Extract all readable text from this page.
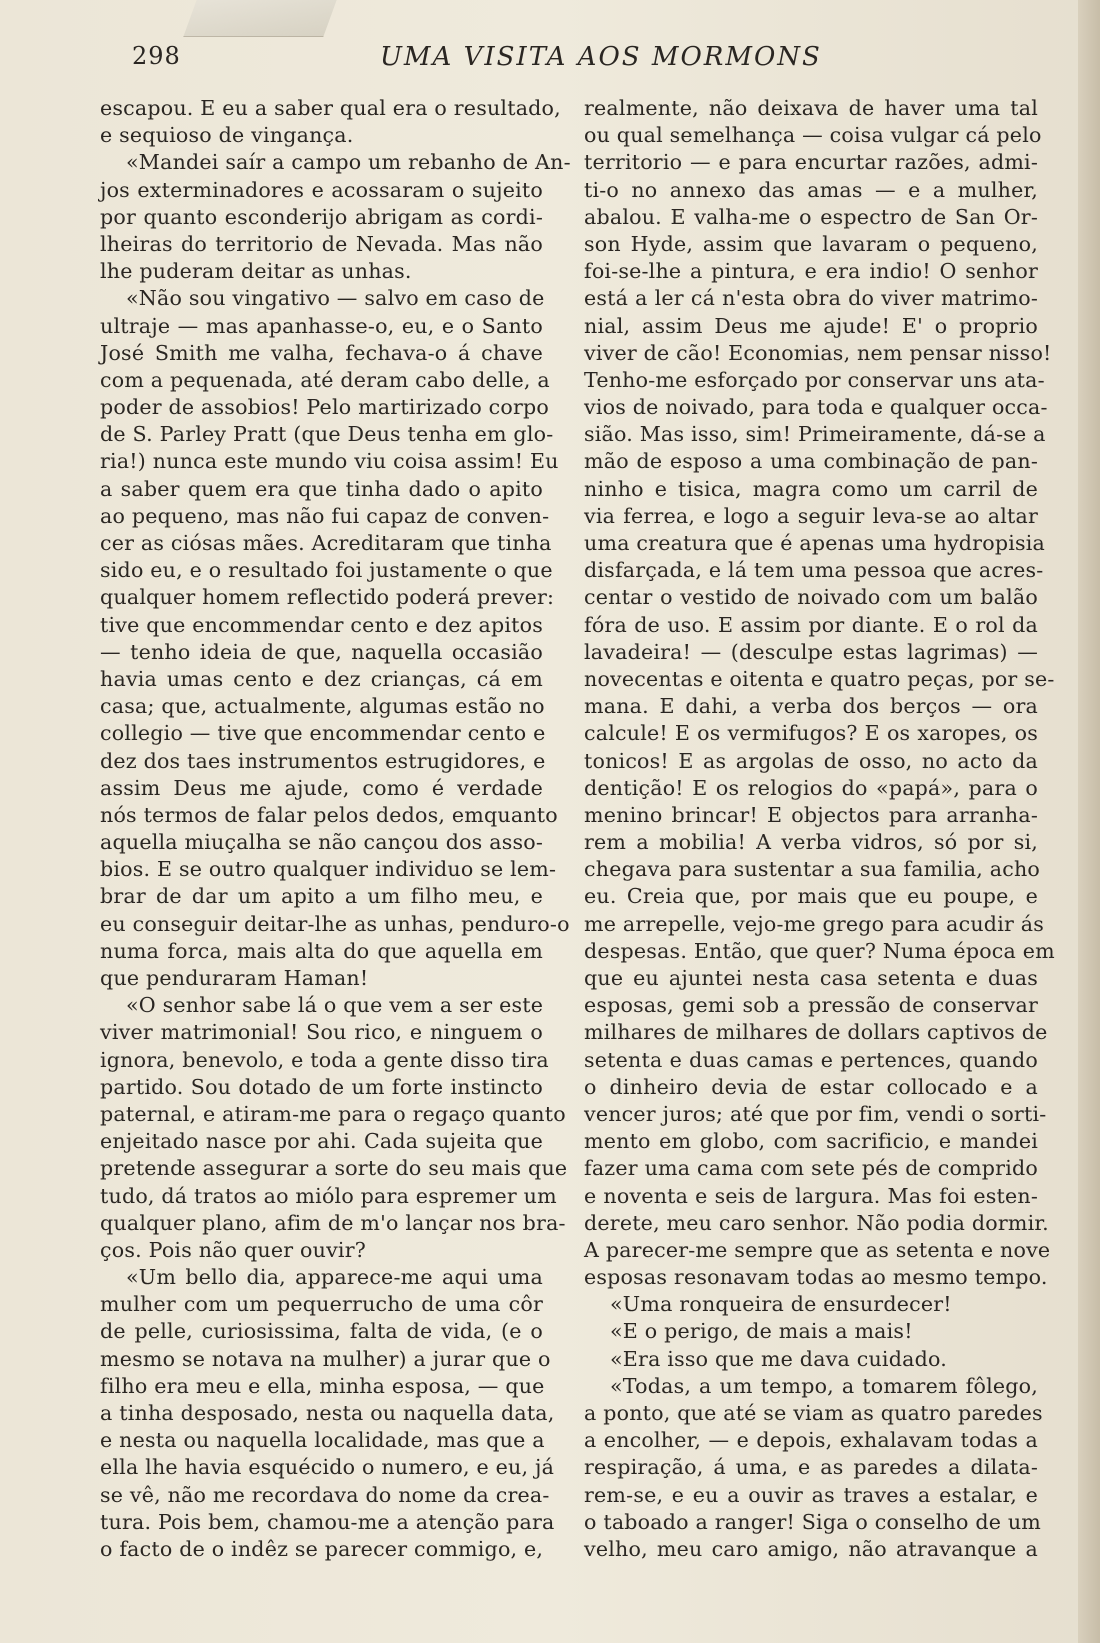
298	UMA VISITA AOS MORMONS
escapou. E eu a saber qual era o resultado,
e sequioso de vingança.
«Mandei saír a campo um rebanho de An-
jos exterminadores e acossaram o sujeito
por quanto esconderijo abrigam as cordi-
lheiras do territorio de Nevada. Mas não
lhe puderam deitar as unhas.
«Não sou vingativo — salvo em caso de
ultraje — mas apanhasse-o, eu, e o Santo
José Smith me valha, fechava-o á chave
com a pequenada, até deram cabo delle, a
poder de assobios! Pelo martirizado corpo
de S. Parley Pratt (que Deus tenha em glo-
ria!) nunca este mundo viu coisa assim! Eu
a saber quem era que tinha dado o apito
ao pequeno, mas não fui capaz de conven-
cer as ciósas mães. Acreditaram que tinha
sido eu, e o resultado foi justamente o que
qualquer homem reflectido poderá prever:
tive que encommendar cento e dez apitos
— tenho ideia de que, naquella occasião
havia umas cento e dez crianças, cá em
casa; que, actualmente, algumas estão no
collegio — tive que encommendar cento e
dez dos taes instrumentos estrugidores, e
assim Deus me ajude, como é verdade
nós termos de falar pelos dedos, emquanto
aquella miuçalha se não cançou dos asso-
bios. E se outro qualquer individuo se lem-
brar de dar um apito a um filho meu, e
eu conseguir deitar-lhe as unhas, penduro-o
numa forca, mais alta do que aquella em
que penduraram Haman!
«O senhor sabe lá o que vem a ser este
viver matrimonial! Sou rico, e ninguem o
ignora, benevolo, e toda a gente disso tira
partido. Sou dotado de um forte instincto
paternal, e atiram-me para o regaço quanto
enjeitado nasce por ahi. Cada sujeita que
pretende assegurar a sorte do seu mais que
tudo, dá tratos ao miólo para espremer um
qualquer plano, afim de m'o lançar nos bra-
ços. Pois não quer ouvir?
«Um bello dia, apparece-me aqui uma
mulher com um pequerrucho de uma côr
de pelle, curiosissima, falta de vida, (e o
mesmo se notava na mulher) a jurar que o
filho era meu e ella, minha esposa, — que
a tinha desposado, nesta ou naquella data,
e nesta ou naquella localidade, mas que a
ella lhe havia esquécido o numero, e eu, já
se vê, não me recordava do nome da crea-
tura. Pois bem, chamou-me a atenção para
o facto de o indêz se parecer commigo, e,
realmente, não deixava de haver uma tal
ou qual semelhança — coisa vulgar cá pelo
territorio — e para encurtar razões, admi-
ti-o no annexo das amas — e a mulher,
abalou. E valha-me o espectro de San Or-
son Hyde, assim que lavaram o pequeno,
foi-se-lhe a pintura, e era indio! O senhor
está a ler cá n'esta obra do viver matrimo-
nial, assim Deus me ajude! E' o proprio
viver de cão! Economias, nem pensar nisso!
Tenho-me esforçado por conservar uns ata-
vios de noivado, para toda e qualquer occa-
sião. Mas isso, sim! Primeiramente, dá-se a
mão de esposo a uma combinação de pan-
ninho e tisica, magra como um carril de
via ferrea, e logo a seguir leva-se ao altar
uma creatura que é apenas uma hydropisia
disfarçada, e lá tem uma pessoa que acres-
centar o vestido de noivado com um balão
fóra de uso. E assim por diante. E o rol da
lavadeira! — (desculpe estas lagrimas) —
novecentas e oitenta e quatro peças, por se-
mana. E dahi, a verba dos berços — ora
calcule! E os vermifugos? E os xaropes, os
tonicos! E as argolas de osso, no acto da
dentição! E os relogios do «papá», para o
menino brincar! E objectos para arranha-
rem a mobilia! A verba vidros, só por si,
chegava para sustentar a sua familia, acho
eu. Creia que, por mais que eu poupe, e
me arrepelle, vejo-me grego para acudir ás
despesas. Então, que quer? Numa época em
que eu ajuntei nesta casa setenta e duas
esposas, gemi sob a pressão de conservar
milhares de milhares de dollars captivos de
setenta e duas camas e pertences, quando
o dinheiro devia de estar collocado e a
vencer juros; até que por fim, vendi o sorti-
mento em globo, com sacrificio, e mandei
fazer uma cama com sete pés de comprido
e noventa e seis de largura. Mas foi esten-
derete, meu caro senhor. Não podia dormir.
A parecer-me sempre que as setenta e nove
esposas resonavam todas ao mesmo tempo.
«Uma ronqueira de ensurdecer!
«E o perigo, de mais a mais!
«Era isso que me dava cuidado.
«Todas, a um tempo, a tomarem fôlego,
a ponto, que até se viam as quatro paredes
a encolher, — e depois, exhalavam todas a
respiração, á uma, e as paredes a dilata-
rem-se, e eu a ouvir as traves a estalar, e
o taboado a ranger! Siga o conselho de um
velho, meu caro amigo, não atravanque a
